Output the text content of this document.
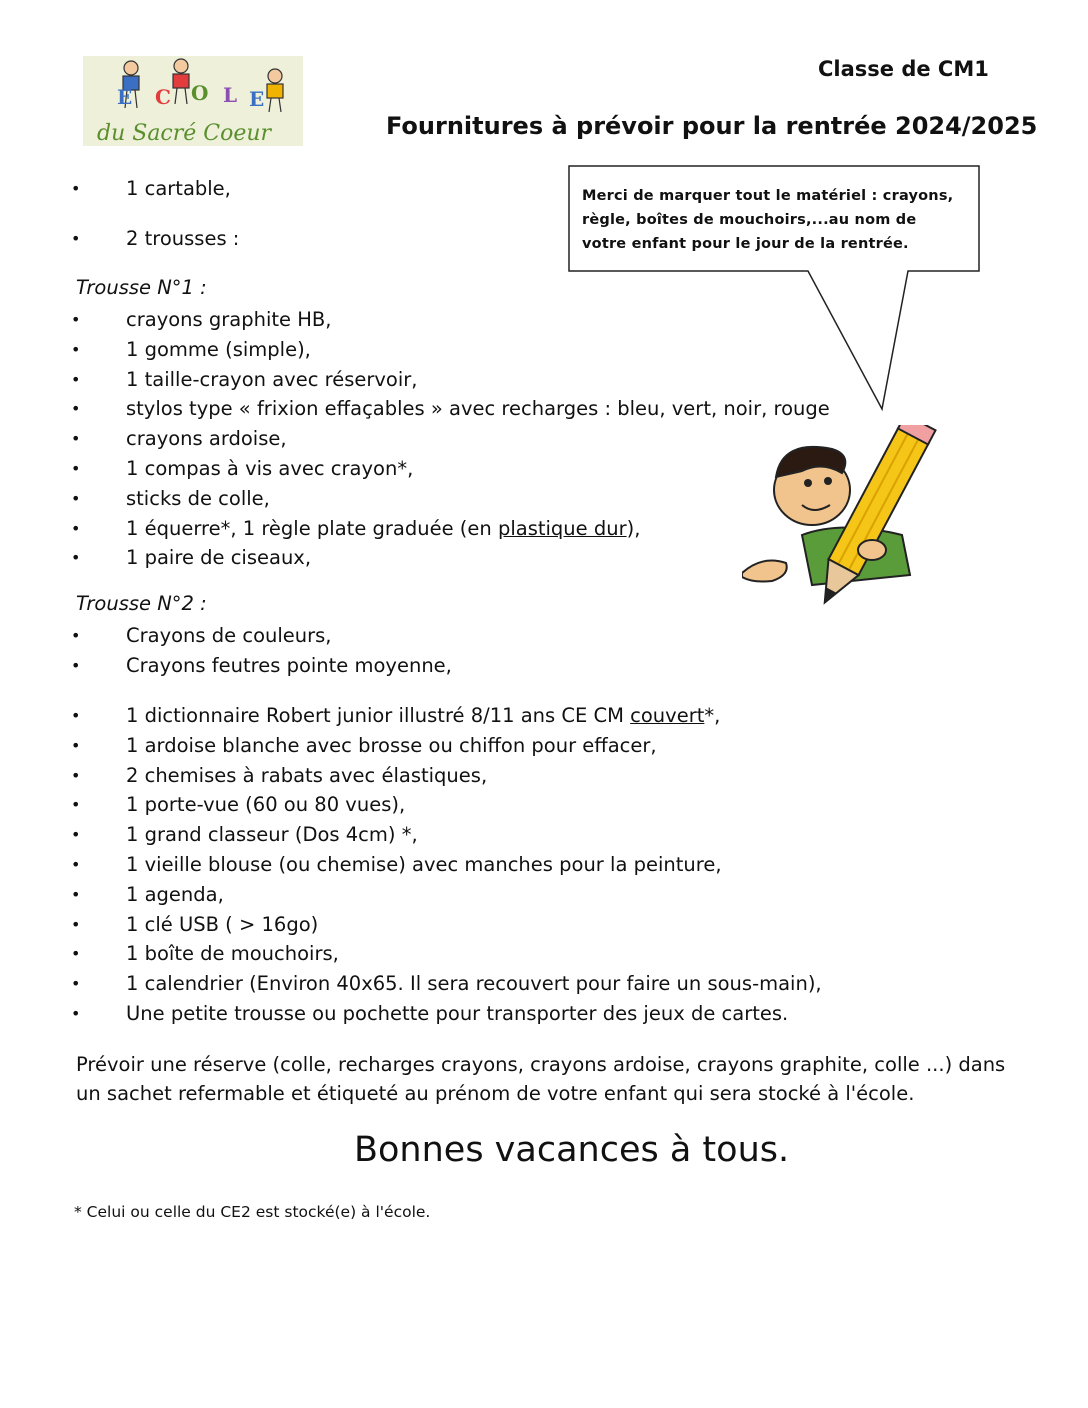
É C O L E
du Sacré Coeur
Classe de CM1
Fournitures à prévoir pour la rentrée 2024/2025

Merci de marquer tout le matériel : crayons,
règle, boîtes de mouchoirs,...au nom de
votre enfant pour le jour de la rentrée.

• 1 cartable,
• 2 trousses :
Trousse N°1 :
• crayons graphite HB,
• 1 gomme (simple),
• 1 taille-crayon avec réservoir,
• stylos type « frixion effaçables » avec recharges : bleu, vert, noir, rouge
• crayons ardoise,
• 1 compas à vis avec crayon*,
• sticks de colle,
• 1 équerre*, 1 règle plate graduée (en plastique dur),
• 1 paire de ciseaux,
Trousse N°2 :
• Crayons de couleurs,
• Crayons feutres pointe moyenne,
• 1 dictionnaire Robert junior illustré 8/11 ans CE CM couvert*,
• 1 ardoise blanche avec brosse ou chiffon pour effacer,
• 2 chemises à rabats avec élastiques,
• 1 porte-vue (60 ou 80 vues),
• 1 grand classeur (Dos 4cm) *,
• 1 vieille blouse (ou chemise) avec manches pour la peinture,
• 1 agenda,
• 1 clé USB ( > 16go)
• 1 boîte de mouchoirs,
• 1 calendrier (Environ 40x65. Il sera recouvert pour faire un sous-main),
• Une petite trousse ou pochette pour transporter des jeux de cartes.

Prévoir une réserve (colle, recharges crayons, crayons ardoise, crayons graphite, colle ...) dans
un sachet refermable et étiqueté au prénom de votre enfant qui sera stocké à l'école.

Bonnes vacances à tous.
* Celui ou celle du CE2 est stocké(e) à l'école.
